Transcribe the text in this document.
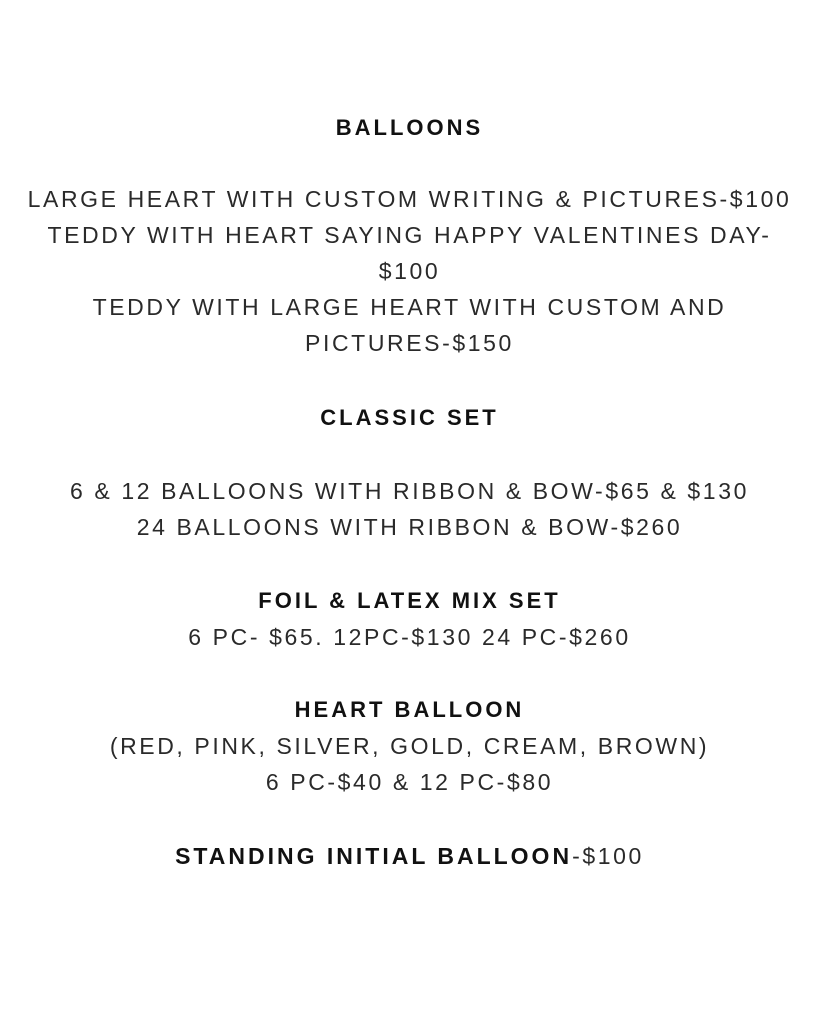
BALLOONS

LARGE HEART WITH CUSTOM WRITING & PICTURES-$100

TEDDY WITH HEART SAYING HAPPY VALENTINES DAY-

$100

TEDDY WITH LARGE HEART WITH CUSTOM AND

PICTURES-$150

CLASSIC SET

6 & 12 BALLOONS WITH RIBBON & BOW-$65 & $130

24 BALLOONS WITH RIBBON & BOW-$260

FOIL & LATEX MIX SET

6 PC- $65. 12PC-$130 24 PC-$260

HEART BALLOON

(RED, PINK, SILVER, GOLD, CREAM, BROWN)

6 PC-$40 & 12 PC-$80

STANDING INITIAL BALLOON-$100
